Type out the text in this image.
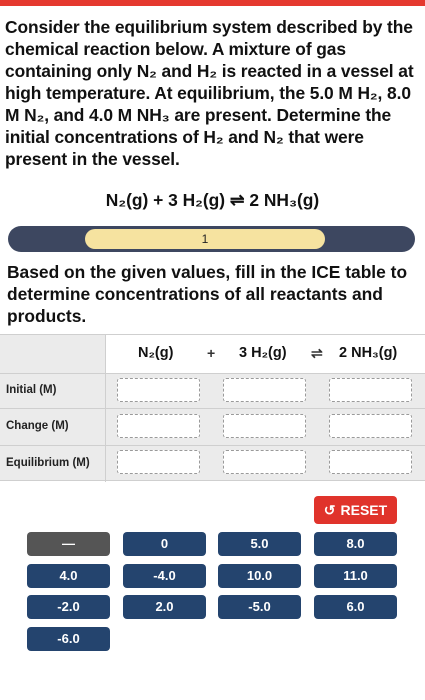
Consider the equilibrium system described by the chemical reaction below. A mixture of gas containing only N₂ and H₂ is reacted in a vessel at high temperature. At equilibrium, the 5.0 M H₂, 8.0 M N₂, and 4.0 M NH₃ are present. Determine the initial concentrations of H₂ and N₂ that were present in the vessel.
N₂(g) + 3 H₂(g) ⇌ 2 NH₃(g)
1
Based on the given values, fill in the ICE table to determine concentrations of all reactants and products.
N₂(g) + 3 H₂(g) ⇌ 2 NH₃(g)
Initial (M)
Change (M)
Equilibrium (M)
↺ RESET
—	0	5.0	8.0
4.0	-4.0	10.0	11.0
-2.0	2.0	-5.0	6.0
-6.0
